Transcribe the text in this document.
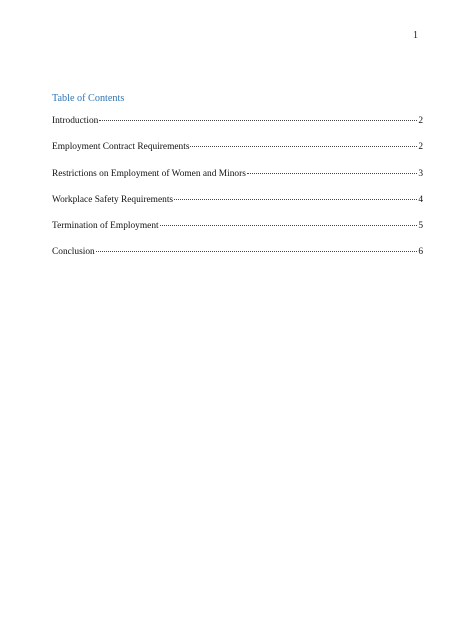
1
Table of Contents
Introduction	2
Employment Contract Requirements	2
Restrictions on Employment of Women and Minors	3
Workplace Safety Requirements	4
Termination of Employment	5
Conclusion	6
